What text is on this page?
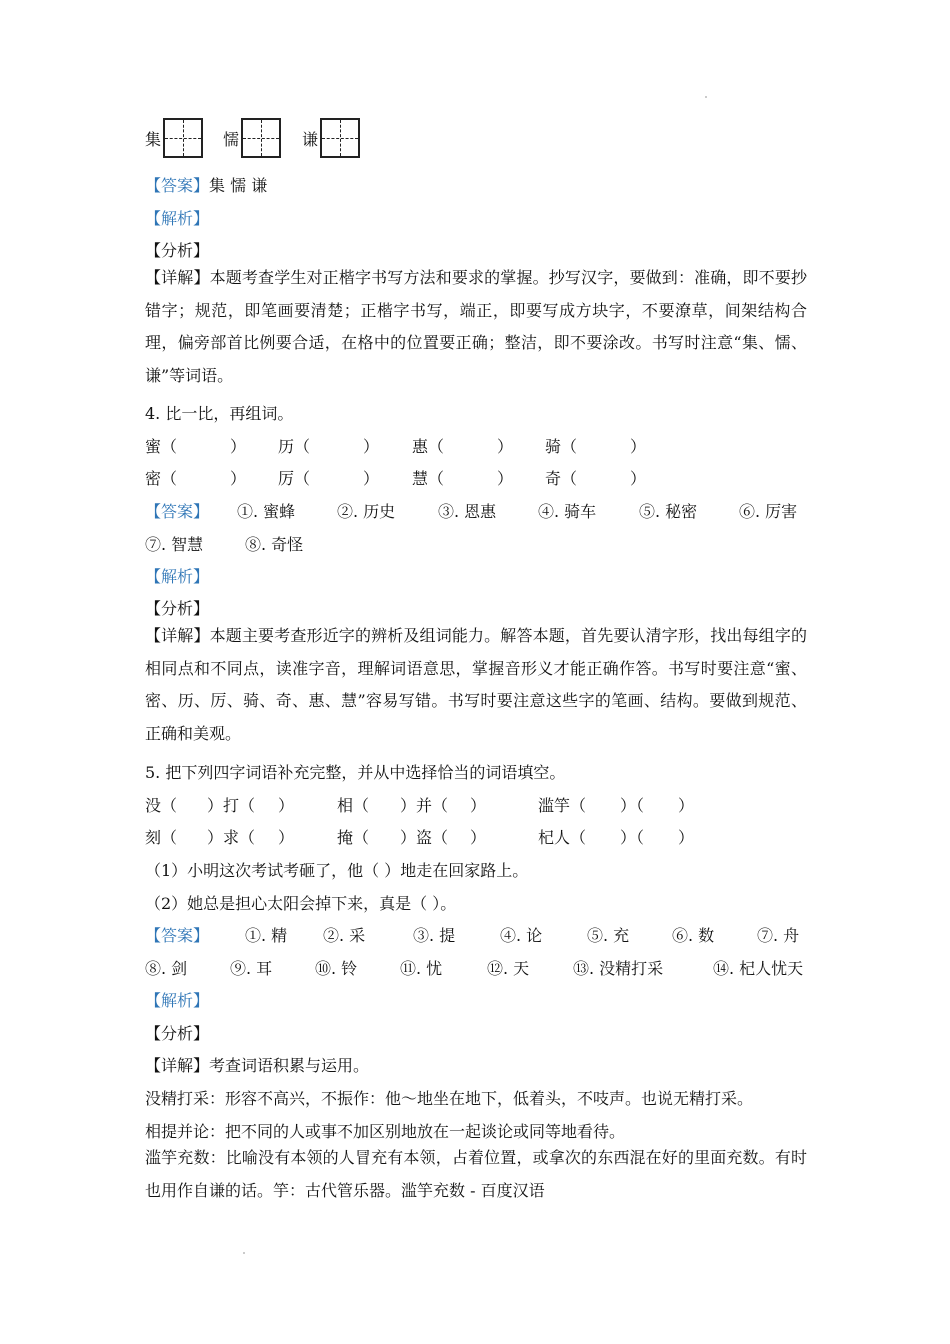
集	懦	谦
【答案】集 懦 谦
【解析】
【分析】
【详解】本题考查学生对正楷字书写方法和要求的掌握。抄写汉字，要做到：准确，即不要抄错字；规范，即笔画要清楚；正楷字书写，端正，即要写成方块字，不要潦草，间架结构合理，偏旁部首比例要合适，在格中的位置要正确；整洁，即不要涂改。书写时注意“集、懦、谦”等词语。
4. 比一比，再组词。
蜜（	） 历（	） 惠（	） 骑（	）
密（	） 厉（	） 慧（	） 奇（	）
【答案】 ①. 蜜蜂	②. 历史	③. 恩惠	④. 骑车	⑤. 秘密	⑥. 厉害
⑦. 智慧	⑧. 奇怪
【解析】
【分析】
【详解】本题主要考查形近字的辨析及组词能力。解答本题，首先要认清字形，找出每组字的相同点和不同点，读准字音，理解词语意思，掌握音形义才能正确作答。书写时要注意“蜜、密、历、厉、骑、奇、惠、慧”容易写错。书写时要注意这些字的笔画、结构。要做到规范、正确和美观。
5. 把下列四字词语补充完整，并从中选择恰当的词语填空。
没（ ）打（ ）	相（ ）并（ ）	滥竽（ ）（ ）
刻（ ）求（ ）	掩（ ）盗（ ）	杞人（ ）（ ）
（1）小明这次考试考砸了，他（ ）地走在回家路上。
（2）她总是担心太阳会掉下来，真是（ ）。
【答案】 ①. 精 ②. 采	③. 提	④. 论	⑤. 充	⑥. 数	⑦. 舟
⑧. 剑	⑨. 耳	⑩. 铃	⑪. 忧	⑫. 天	⑬. 没精打采	⑭. 杞人忧天
【解析】
【分析】
【详解】考查词语积累与运用。
没精打采：形容不高兴，不振作：他～地坐在地下，低着头，不吱声。也说无精打采。
相提并论：把不同的人或事不加区别地放在一起谈论或同等地看待。
滥竽充数：比喻没有本领的人冒充有本领，占着位置，或拿次的东西混在好的里面充数。有时也用作自谦的话。竽：古代管乐器。滥竽充数 - 百度汉语
